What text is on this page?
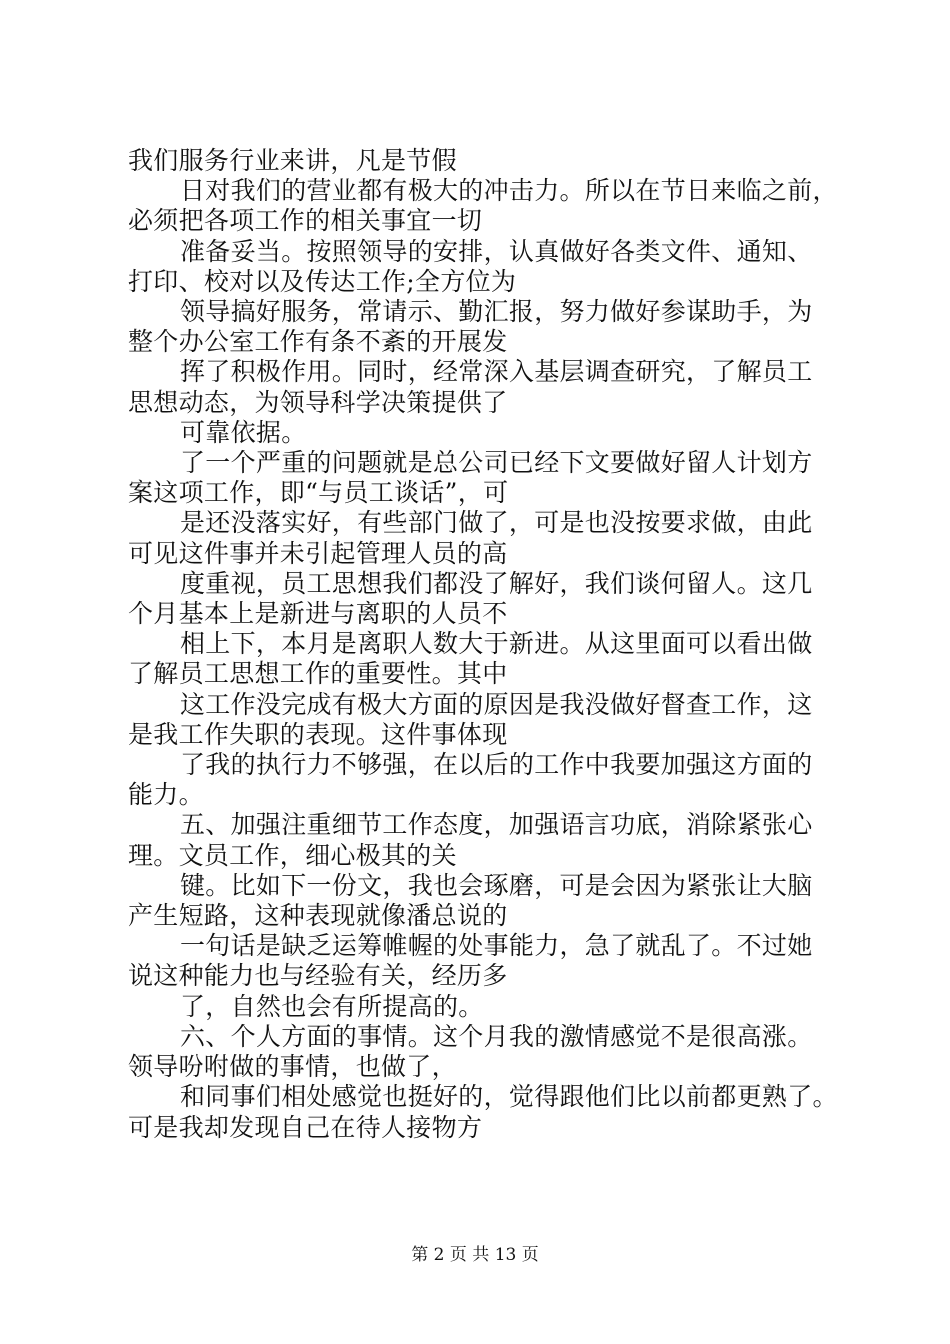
我们服务行业来讲，凡是节假
日对我们的营业都有极大的冲击力。所以在节日来临之前，
必须把各项工作的相关事宜一切
准备妥当。按照领导的安排，认真做好各类文件、通知、
打印、校对以及传达工作;全方位为
领导搞好服务，常请示、勤汇报，努力做好参谋助手，为
整个办公室工作有条不紊的开展发
挥了积极作用。同时，经常深入基层调查研究，了解员工
思想动态，为领导科学决策提供了
可靠依据。
了一个严重的问题就是总公司已经下文要做好留人计划方
案这项工作，即“与员工谈话”，可
是还没落实好，有些部门做了，可是也没按要求做，由此
可见这件事并未引起管理人员的高
度重视，员工思想我们都没了解好，我们谈何留人。这几
个月基本上是新进与离职的人员不
相上下，本月是离职人数大于新进。从这里面可以看出做
了解员工思想工作的重要性。其中
这工作没完成有极大方面的原因是我没做好督查工作，这
是我工作失职的表现。这件事体现
了我的执行力不够强，在以后的工作中我要加强这方面的
能力。
五、加强注重细节工作态度，加强语言功底，消除紧张心
理。文员工作，细心极其的关
键。比如下一份文，我也会琢磨，可是会因为紧张让大脑
产生短路，这种表现就像潘总说的
一句话是缺乏运筹帷幄的处事能力，急了就乱了。不过她
说这种能力也与经验有关，经历多
了，自然也会有所提高的。
六、个人方面的事情。这个月我的激情感觉不是很高涨。
领导吩咐做的事情，也做了，
和同事们相处感觉也挺好的，觉得跟他们比以前都更熟了。
可是我却发现自己在待人接物方
第 2 页 共 13 页
